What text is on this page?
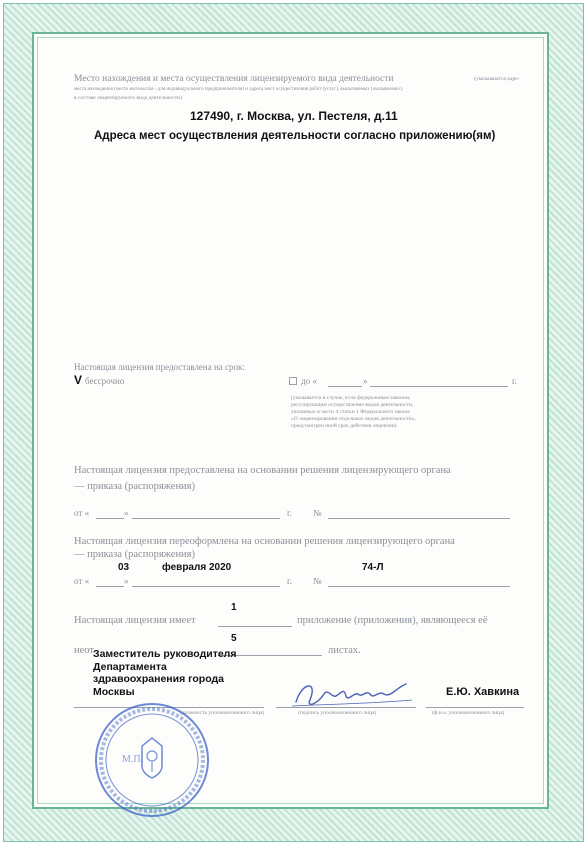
Место нахождения и места осуществления лицензируемого вида деятельности	(указываются адре-
места нахождения (место жительства - для индивидуального предпринимателя) и адреса мест осуществления работ (услуг), выполняемых (оказываемых)
в составе лицензируемого вида деятельности)
127490, г. Москва, ул. Пестеля, д.11
Адреса мест осуществления деятельности согласно приложению(ям)
Настоящая лицензия предоставлена на срок:
V бессрочно	до «	»	г.
(указывается в случае, если федеральным законом,
регулирующим осуществление видов деятельности,
указанных в части 4 статьи 1 Федерального закона
«О лицензировании отдельных видов деятельности»,
предусмотрен иной срок действия лицензии)
Настоящая лицензия предоставлена на основании решения лицензирующего органа
— приказа (распоряжения)
от «	»	г. №
Настоящая лицензия переоформлена на основании решения лицензирующего органа
— приказа (распоряжения)
03	февраля 2020	74-Л
от «	»	г. №
1
Настоящая лицензия имеет	приложение (приложения), являющееся её
5
неот	листах.
Заместитель руководителя
Департамента
здравоохранения города
Москвы
(должность уполномоченного лица)	(подпись уполномоченного лица)
Е.Ю. Хавкина
(ф.и.о. уполномоченного лица)
М.П.
